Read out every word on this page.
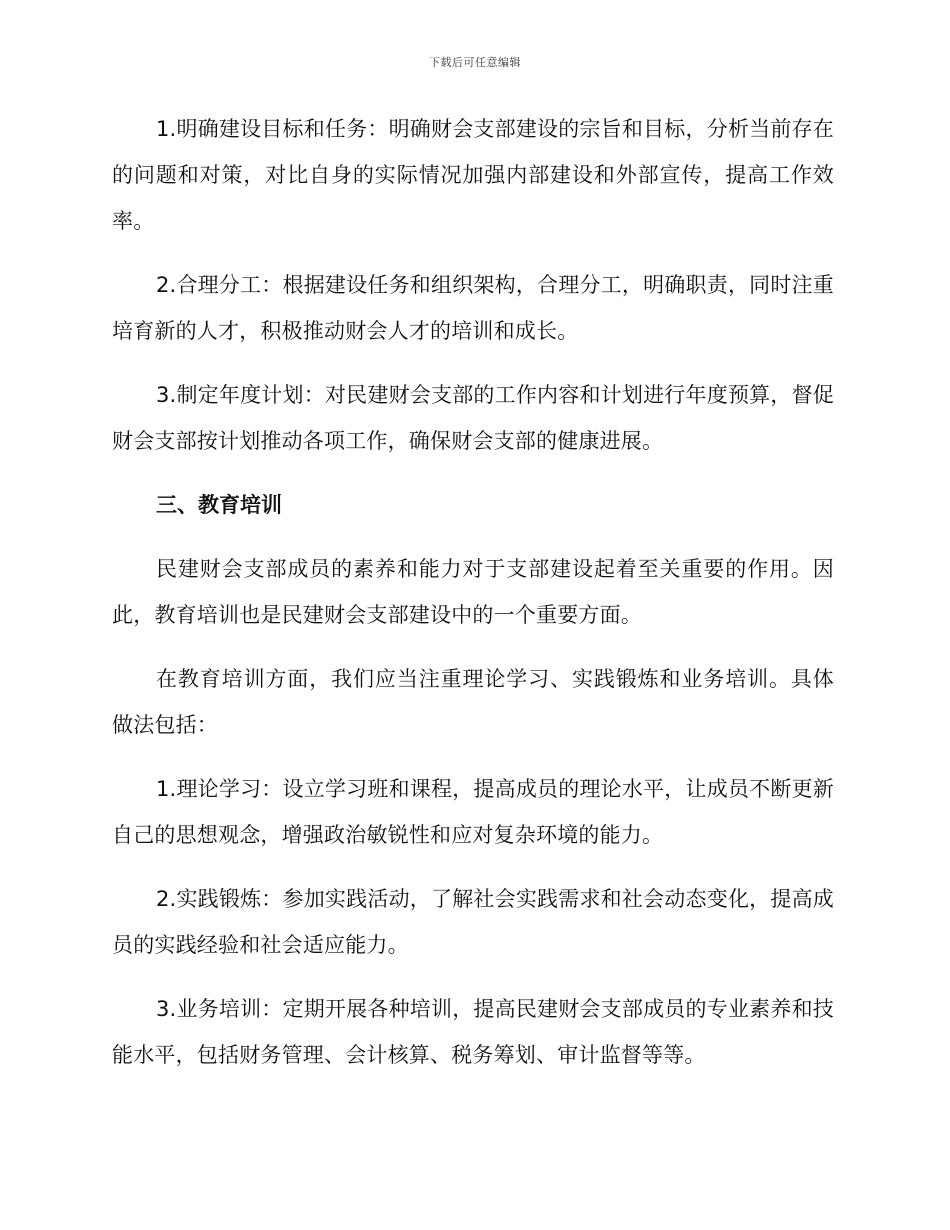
下载后可任意编辑

1.明确建设目标和任务：明确财会支部建设的宗旨和目标，分析当前存在的问题和对策，对比自身的实际情况加强内部建设和外部宣传，提高工作效率。

2.合理分工：根据建设任务和组织架构，合理分工，明确职责，同时注重培育新的人才，积极推动财会人才的培训和成长。

3.制定年度计划：对民建财会支部的工作内容和计划进行年度预算，督促财会支部按计划推动各项工作，确保财会支部的健康进展。

三、教育培训

民建财会支部成员的素养和能力对于支部建设起着至关重要的作用。因此，教育培训也是民建财会支部建设中的一个重要方面。

在教育培训方面，我们应当注重理论学习、实践锻炼和业务培训。具体做法包括：

1.理论学习：设立学习班和课程，提高成员的理论水平，让成员不断更新自己的思想观念，增强政治敏锐性和应对复杂环境的能力。

2.实践锻炼：参加实践活动，了解社会实践需求和社会动态变化，提高成员的实践经验和社会适应能力。

3.业务培训：定期开展各种培训，提高民建财会支部成员的专业素养和技能水平，包括财务管理、会计核算、税务筹划、审计监督等等。
